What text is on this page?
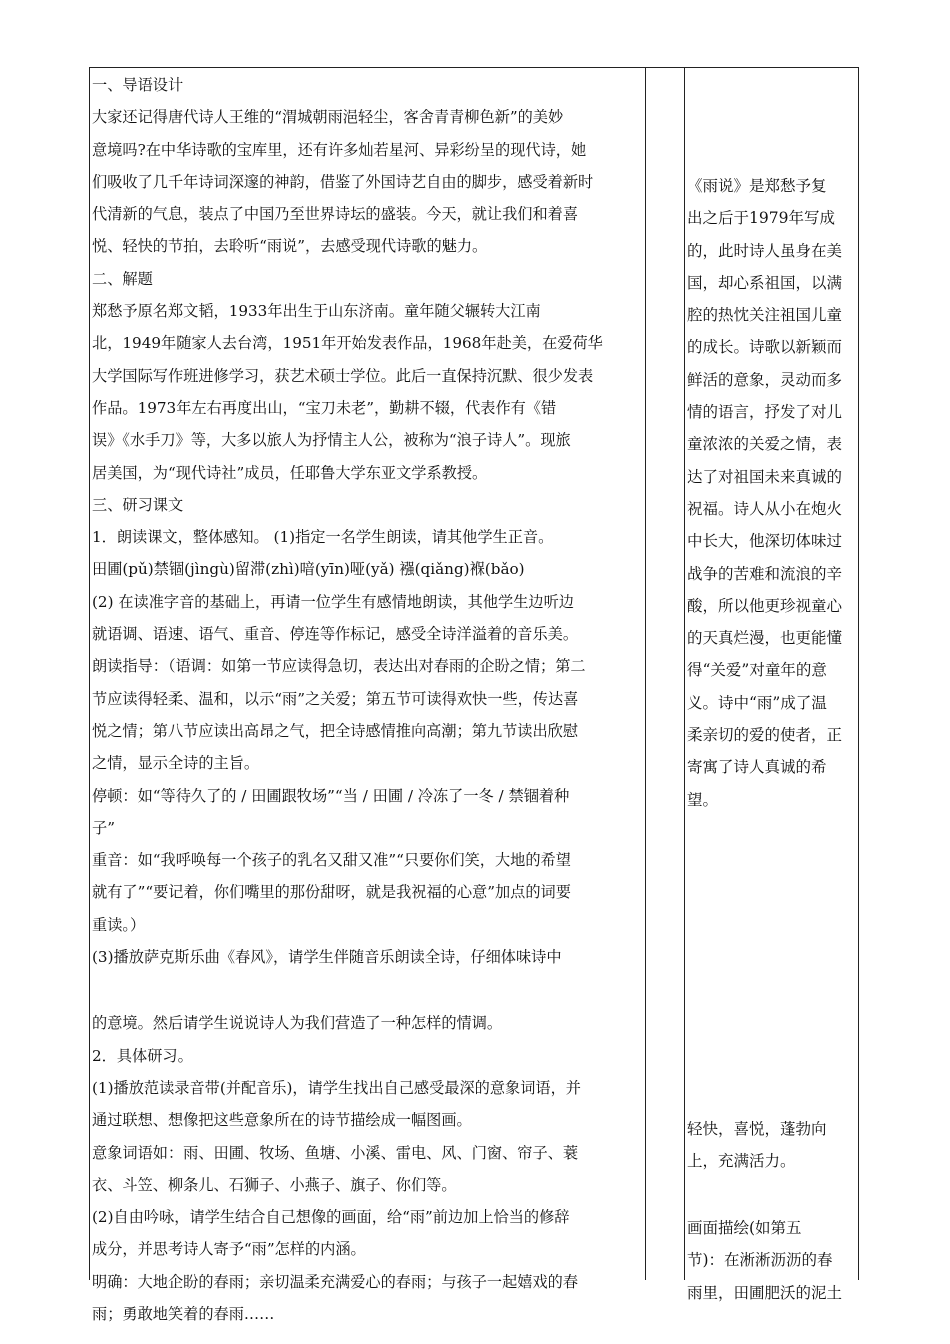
一、导语设计

大家还记得唐代诗人王维的“渭城朝雨浥轻尘，客舍青青柳色新”的美妙

意境吗?在中华诗歌的宝库里，还有许多灿若星河、异彩纷呈的现代诗，她

们吸收了几千年诗词深邃的神韵，借鉴了外国诗艺自由的脚步，感受着新时

代清新的气息，装点了中国乃至世界诗坛的盛装。今天，就让我们和着喜

悦、轻快的节拍，去聆听“雨说”，去感受现代诗歌的魅力。

二、解题

郑愁予原名郑文韬，1933年出生于山东济南。童年随父辗转大江南

北，1949年随家人去台湾，1951年开始发表作品，1968年赴美，在爱荷华

大学国际写作班进修学习，获艺术硕士学位。此后一直保持沉默、很少发表

作品。1973年左右再度出山，“宝刀未老”，勤耕不辍，代表作有《错

误》《水手刀》等，大多以旅人为抒情主人公，被称为“浪子诗人”。现旅

居美国，为“现代诗社”成员，任耶鲁大学东亚文学系教授。

三、研习课文

1．朗读课文，整体感知。 (1)指定一名学生朗读，请其他学生正音。

田圃(pǔ)禁锢(jìngù)留滞(zhì)喑(yīn)哑(yǎ) 襁(qiǎng)褓(bǎo)

(2) 在读准字音的基础上，再请一位学生有感情地朗读，其他学生边听边

就语调、语速、语气、重音、停连等作标记，感受全诗洋溢着的音乐美。

朗读指导：（语调：如第一节应读得急切，表达出对春雨的企盼之情；第二

节应读得轻柔、温和，以示“雨”之关爱；第五节可读得欢快一些，传达喜

悦之情；第八节应读出高昂之气，把全诗感情推向高潮；第九节读出欣慰

之情，显示全诗的主旨。

停顿：如“等待久了的 / 田圃跟牧场”“当 / 田圃 / 冷冻了一冬 / 禁锢着种

子”

重音：如“我呼唤每一个孩子的乳名又甜又准”“只要你们笑，大地的希望

就有了”“要记着，你们嘴里的那份甜呀，就是我祝福的心意”加点的词要

重读。）

(3)播放萨克斯乐曲《春风》，请学生伴随音乐朗读全诗，仔细体味诗中

的意境。然后请学生说说诗人为我们营造了一种怎样的情调。

2．具体研习。

(1)播放范读录音带(并配音乐)，请学生找出自己感受最深的意象词语，并

通过联想、想像把这些意象所在的诗节描绘成一幅图画。

意象词语如：雨、田圃、牧场、鱼塘、小溪、雷电、风、门窗、帘子、蓑

衣、斗笠、柳条儿、石狮子、小燕子、旗子、你们等。

(2)自由吟咏，请学生结合自己想像的画面，给“雨”前边加上恰当的修辞

成分，并思考诗人寄予“雨”怎样的内涵。

明确：大地企盼的春雨；亲切温柔充满爱心的春雨；与孩子一起嬉戏的春

雨；勇敢地笑着的春雨……

《雨说》是郑愁予复

出之后于1979年写成

的，此时诗人虽身在美

国，却心系祖国，以满

腔的热忱关注祖国儿童

的成长。诗歌以新颖而

鲜活的意象，灵动而多

情的语言，抒发了对儿

童浓浓的关爱之情，表

达了对祖国未来真诚的

祝福。诗人从小在炮火

中长大，他深切体味过

战争的苦难和流浪的辛

酸，所以他更珍视童心

的天真烂漫，也更能懂

得“关爱”对童年的意

义。诗中“雨”成了温

柔亲切的爱的使者，正

寄寓了诗人真诚的希

望。

轻快，喜悦，蓬勃向

上，充满活力。

画面描绘(如第五

节)：在淅淅沥沥的春

雨里，田圃肥沃的泥土
